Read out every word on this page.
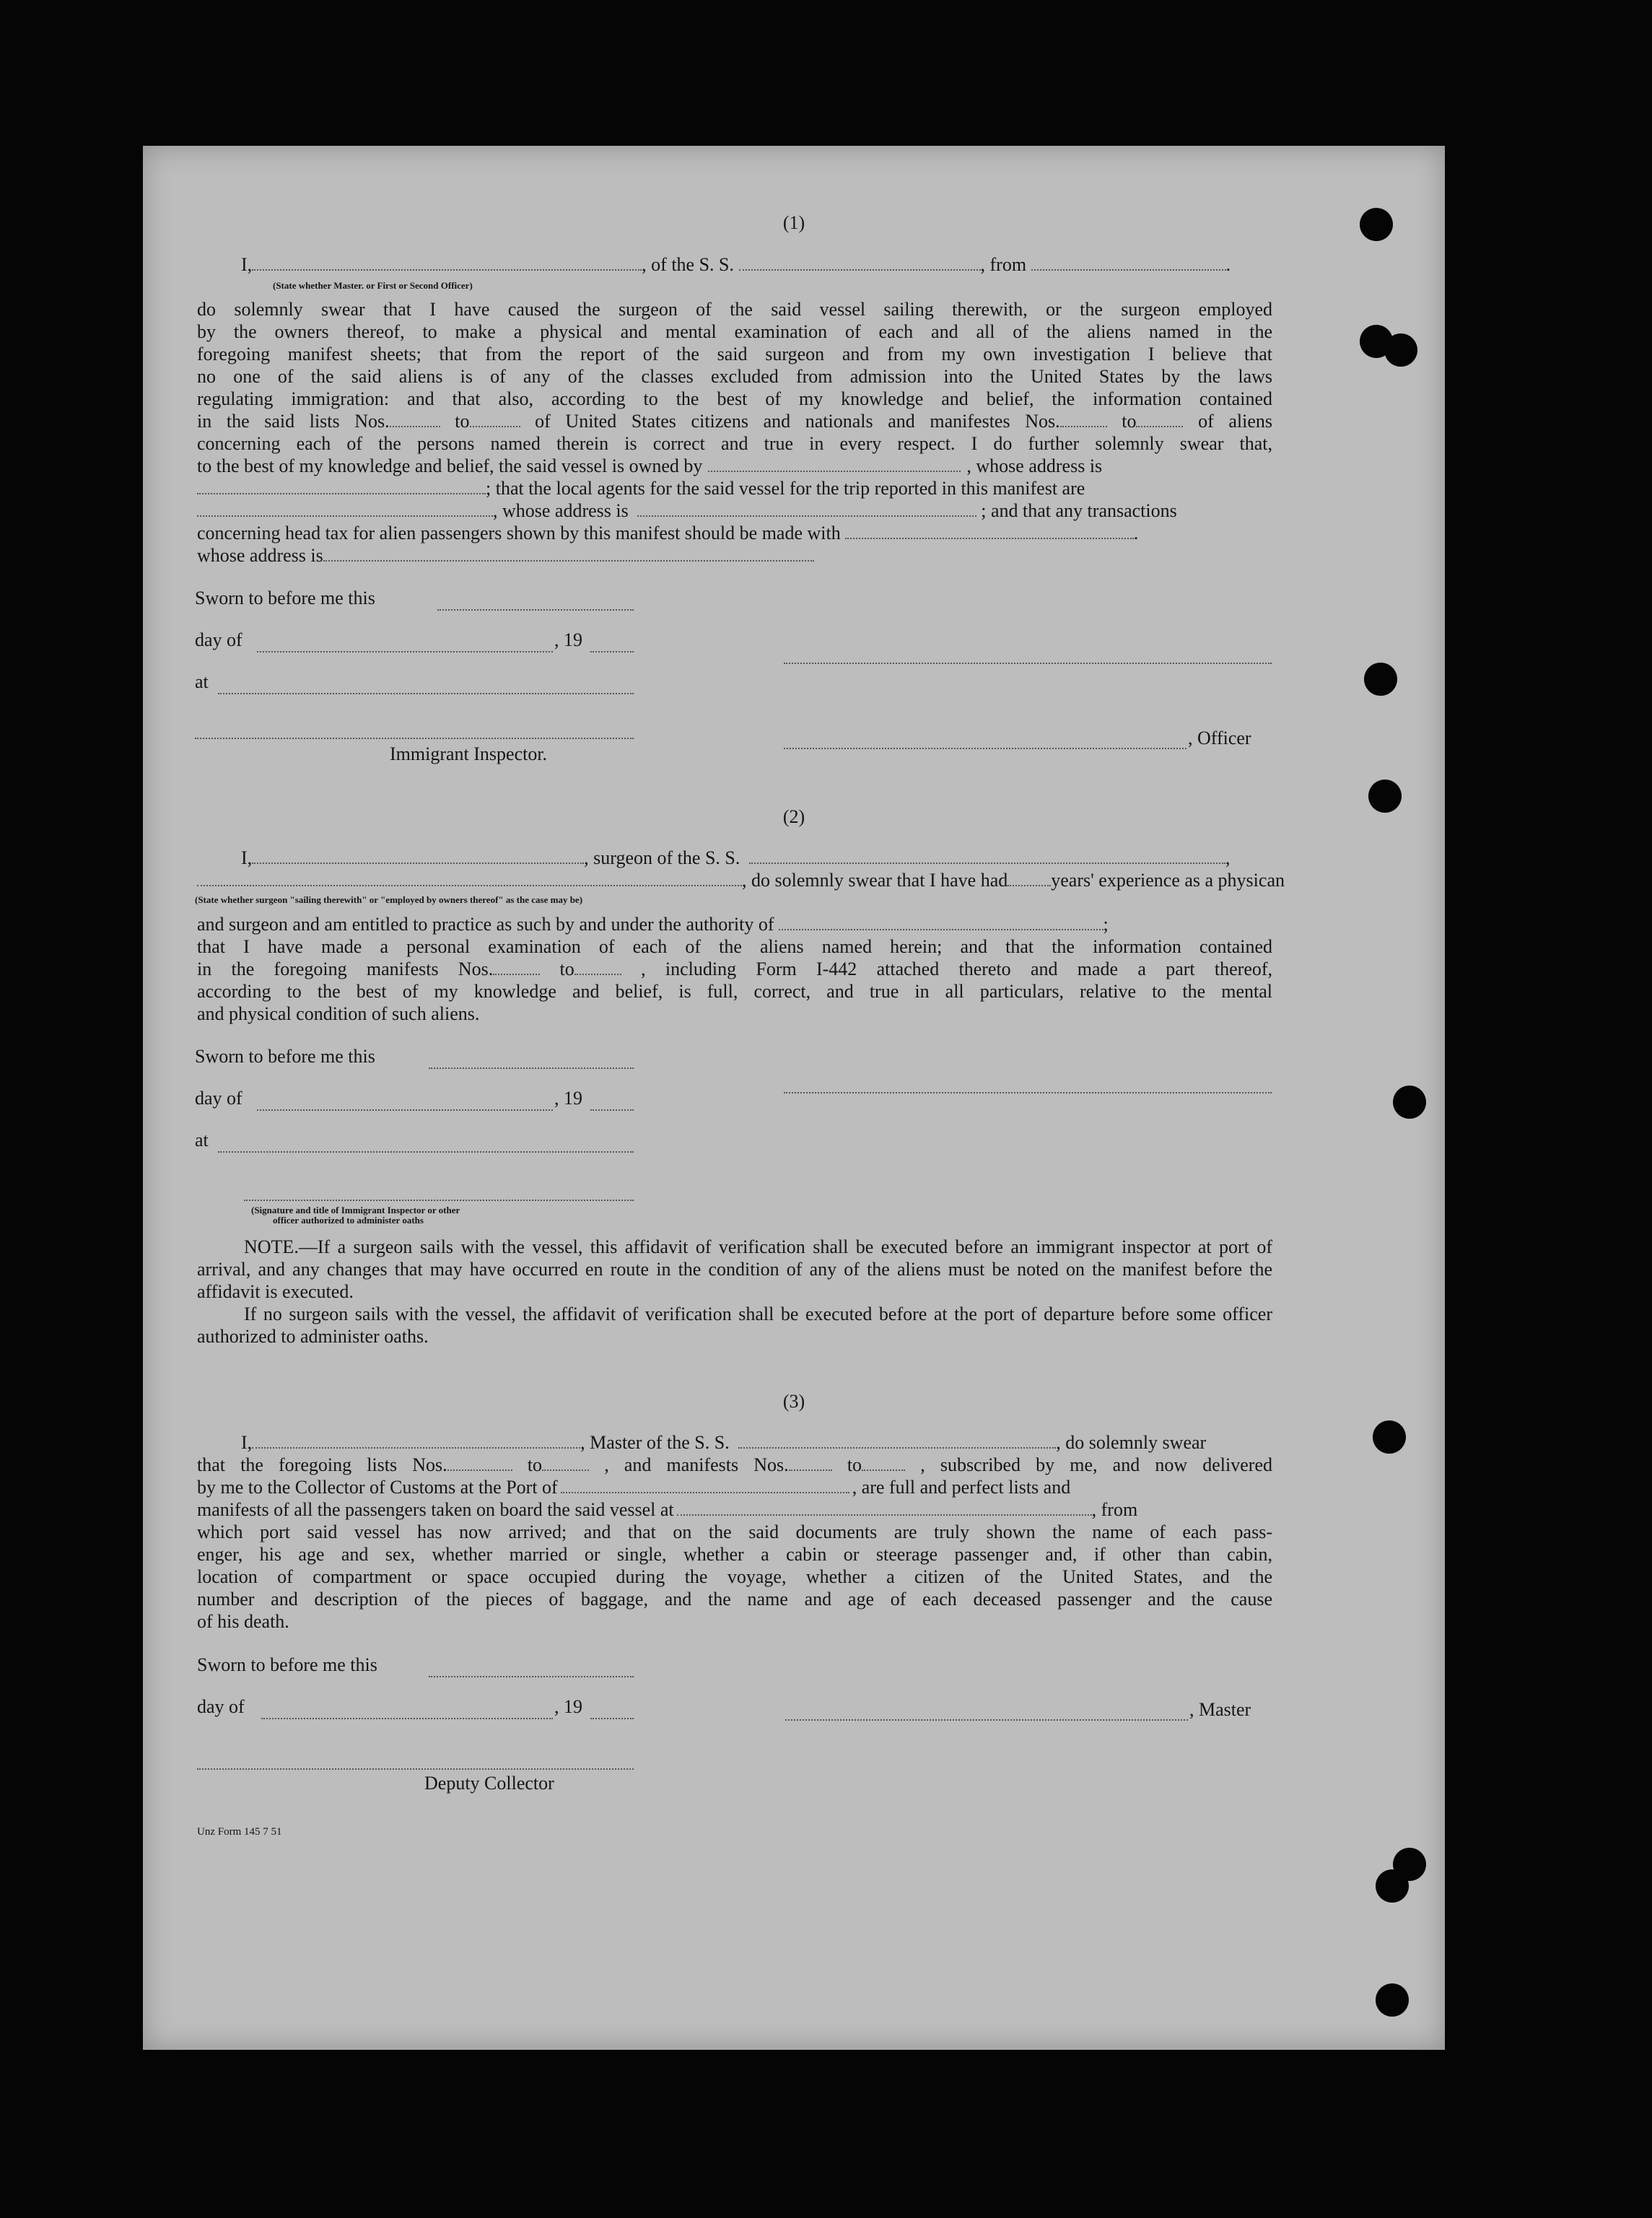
(1)
I,	, of the S. S.	, from	.
(State whether Master. or First or Second Officer)
do solemnly swear that I have caused the surgeon of the said vessel sailing therewith, or the surgeon employed
by the owners thereof, to make a physical and mental examination of each and all of the aliens named in the
foregoing manifest sheets; that from the report of the said surgeon and from my own investigation I believe that
no one of the said aliens is of any of the classes excluded from admission into the United States by the laws
regulating immigration: and that also, according to the best of my knowledge and belief, the information contained
in the said lists Nos.	to	of United States citizens and nationals and manifestes Nos.	to	of aliens
concerning each of the persons named therein is correct and true in every respect. I do further solemnly swear that,
to the best of my knowledge and belief, the said vessel is owned by	, whose address is
; that the local agents for the said vessel for the trip reported in this manifest are
, whose address is	; and that any transactions
concerning head tax for alien passengers shown by this manifest should be made with	.
whose address is
Sworn to before me this
day of	, 19
at
Immigrant Inspector.
, Officer
(2)
I,	, surgeon of the S. S.	,
, do solemnly swear that I have had years' experience as a physican
(State whether surgeon "sailing therewith" or "employed by owners thereof" as the case may be)
and surgeon and am entitled to practice as such by and under the authority of	;
that I have made a personal examination of each of the aliens named herein; and that the information contained
in the foregoing manifests Nos.	to	, including Form I-442 attached thereto and made a part thereof,
according to the best of my knowledge and belief, is full, correct, and true in all particulars, relative to the mental
and physical condition of such aliens.
Sworn to before me this
day of	, 19
at
(Signature and title of Immigrant Inspector or other
officer authorized to administer oaths

NOTE.—If a surgeon sails with the vessel, this affidavit of verification shall be executed before an immigrant inspector at port of arrival, and any changes that may have occurred en route in the condition of any of the aliens must be noted on the manifest before the affidavit is executed.

If no surgeon sails with the vessel, the affidavit of verification shall be executed before at the port of departure before some officer authorized to administer oaths.

(3)
I,	, Master of the S. S.	, do solemnly swear
that the foregoing lists Nos.	to	, and manifests Nos.	to	, subscribed by me, and now delivered
by me to the Collector of Customs at the Port of	, are full and perfect lists and
manifests of all the passengers taken on board the said vessel at	, from
which port said vessel has now arrived; and that on the said documents are truly shown the name of each pass-
enger, his age and sex, whether married or single, whether a cabin or steerage passenger and, if other than cabin,
location of compartment or space occupied during the voyage, whether a citizen of the United States, and the
number and description of the pieces of baggage, and the name and age of each deceased passenger and the cause
of his death.
Sworn to before me this
day of	, 19	, Master
Deputy Collector
Unz Form 145 7 51
